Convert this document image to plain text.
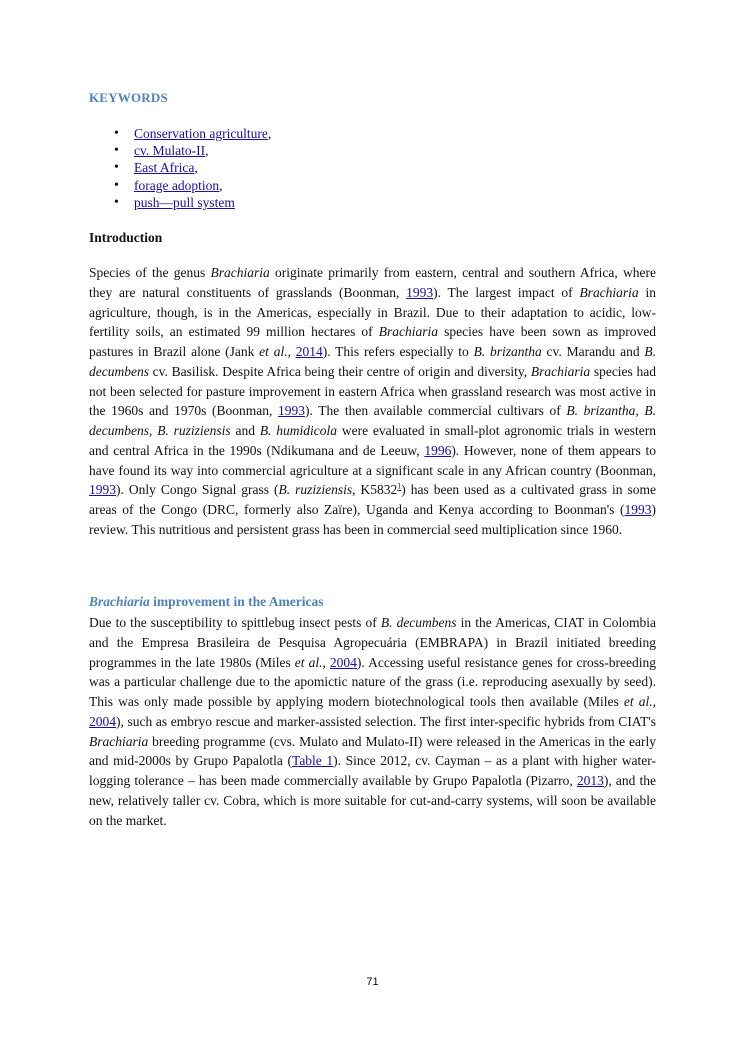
KEYWORDS
• Conservation agriculture,
• cv. Mulato-II,
• East Africa,
• forage adoption,
• push—pull system
Introduction

Species of the genus Brachiaria originate primarily from eastern, central and southern Africa, where they are natural constituents of grasslands (Boonman, 1993). The largest impact of Brachiaria in agriculture, though, is in the Americas, especially in Brazil. Due to their adaptation to acidic, low-fertility soils, an estimated 99 million hectares of Brachiaria species have been sown as improved pastures in Brazil alone (Jank et al., 2014). This refers especially to B. brizantha cv. Marandu and B. decumbens cv. Basilisk. Despite Africa being their centre of origin and diversity, Brachiaria species had not been selected for pasture improvement in eastern Africa when grassland research was most active in the 1960s and 1970s (Boonman, 1993). The then available commercial cultivars of B. brizantha, B. decumbens, B. ruziziensis and B. humidicola were evaluated in small-plot agronomic trials in western and central Africa in the 1990s (Ndikumana and de Leeuw, 1996). However, none of them appears to have found its way into commercial agriculture at a significant scale in any African country (Boonman, 1993). Only Congo Signal grass (B. ruziziensis, K5832$^1$) has been used as a cultivated grass in some areas of the Congo (DRC, formerly also Zaïre), Uganda and Kenya according to Boonman's (1993) review. This nutritious and persistent grass has been in commercial seed multiplication since 1960.

Brachiaria improvement in the Americas

Due to the susceptibility to spittlebug insect pests of B. decumbens in the Americas, CIAT in Colombia and the Empresa Brasileira de Pesquisa Agropecuária (EMBRAPA) in Brazil initiated breeding programmes in the late 1980s (Miles et al., 2004). Accessing useful resistance genes for cross-breeding was a particular challenge due to the apomictic nature of the grass (i.e. reproducing asexually by seed). This was only made possible by applying modern biotechnological tools then available (Miles et al., 2004), such as embryo rescue and marker-assisted selection. The first inter-specific hybrids from CIAT's Brachiaria breeding programme (cvs. Mulato and Mulato-II) were released in the Americas in the early and mid-2000s by Grupo Papalotla (Table 1). Since 2012, cv. Cayman – as a plant with higher water-logging tolerance – has been made commercially available by Grupo Papalotla (Pizarro, 2013), and the new, relatively taller cv. Cobra, which is more suitable for cut-and-carry systems, will soon be available on the market.

71
